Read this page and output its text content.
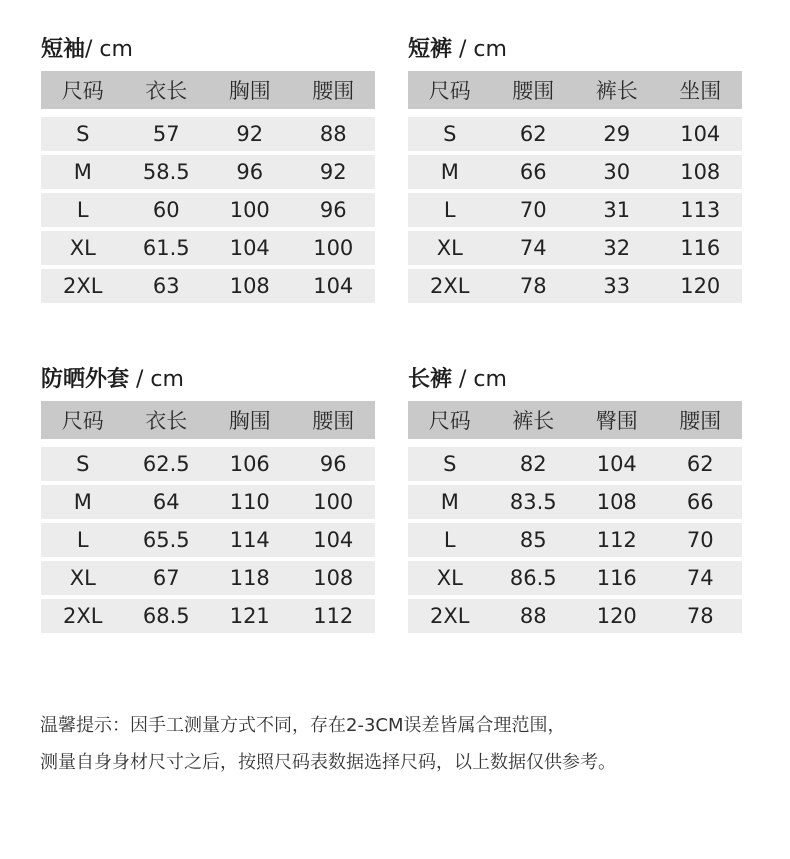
短袖/ cm
尺码	衣长	胸围	腰围
S	57	92	88
M	58.5	96	92
L	60	100	96
XL	61.5	104	100
2XL	63	108	104
短裤 / cm
尺码	腰围	裤长	坐围
S	62	29	104
M	66	30	108
L	70	31	113
XL	74	32	116
2XL	78	33	120
防晒外套 / cm
尺码	衣长	胸围	腰围
S	62.5	106	96
M	64	110	100
L	65.5	114	104
XL	67	118	108
2XL	68.5	121	112
长裤 / cm
尺码	裤长	臀围	腰围
S	82	104	62
M	83.5	108	66
L	85	112	70
XL	86.5	116	74
2XL	88	120	78
温馨提示：因手工测量方式不同，存在2-3CM误差皆属合理范围，
测量自身身材尺寸之后，按照尺码表数据选择尺码，以上数据仅供参考。
